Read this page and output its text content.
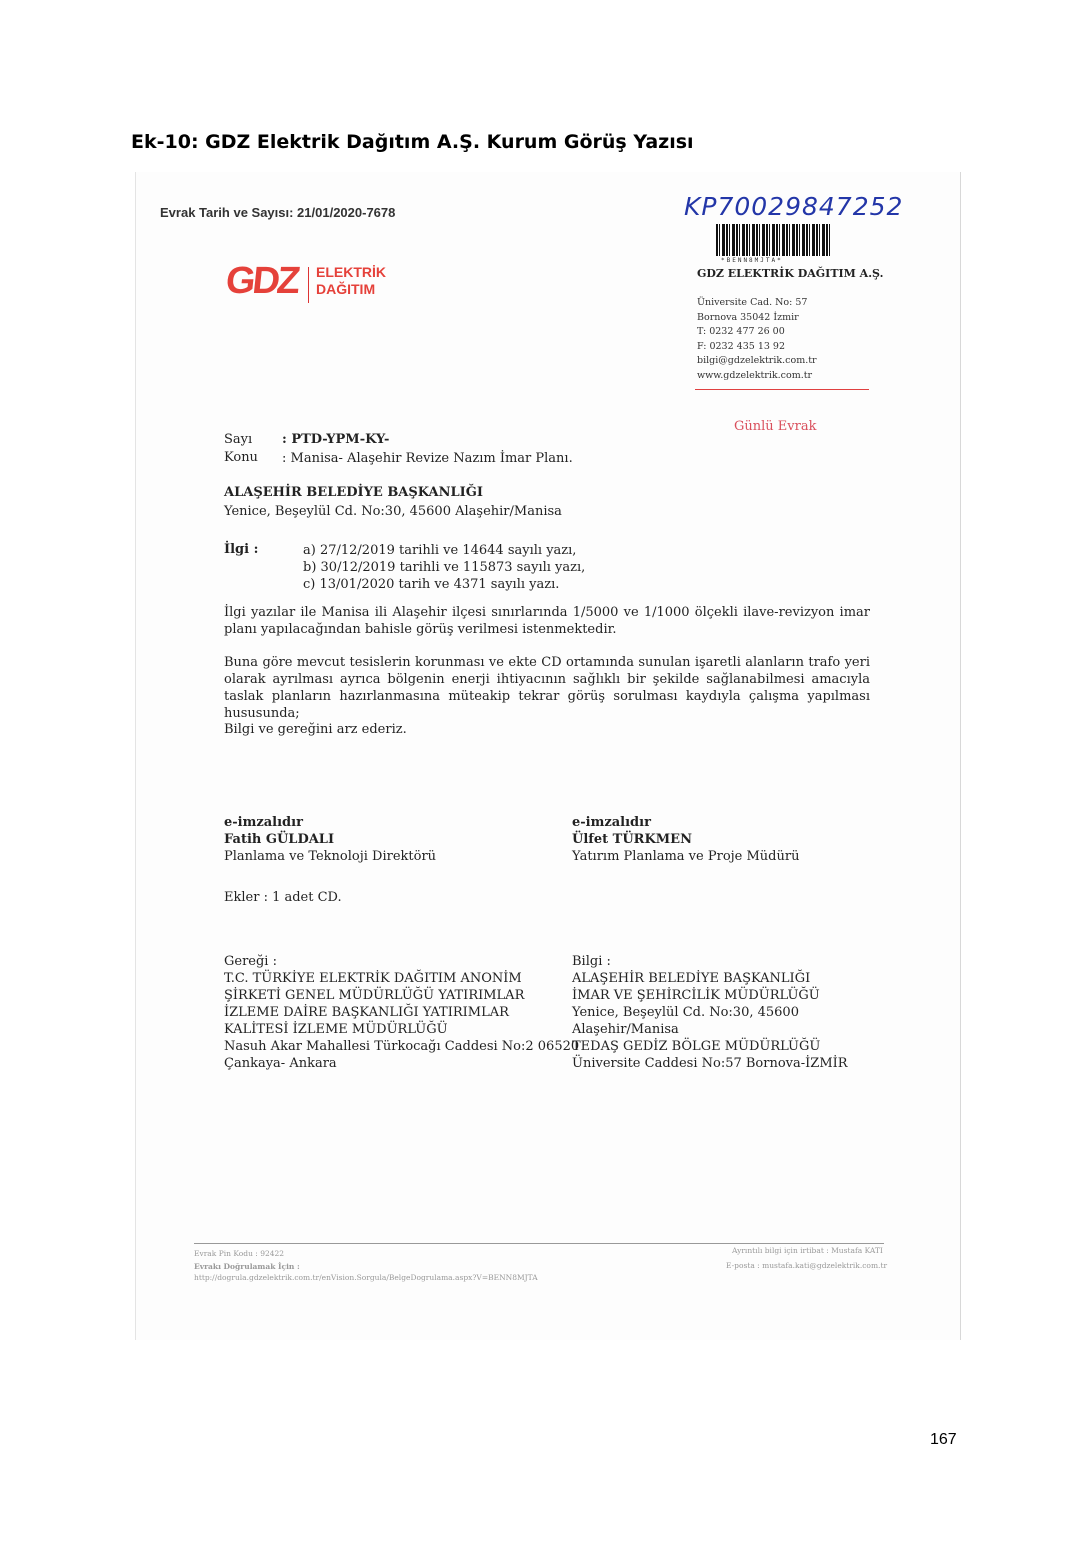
Ek-10: GDZ Elektrik Dağıtım A.Ş. Kurum Görüş Yazısı
Evrak Tarih ve Sayısı: 21/01/2020-7678	KP70029847252
*BENN8MJTA*
GDZ ELEKTRİK
DAĞITIM
GDZ ELEKTRİK DAĞITIM A.Ş.
Üniversite Cad. No: 57
Bornova 35042 İzmir
T: 0232 477 26 00
F: 0232 435 13 92
bilgi@gdzelektrik.com.tr
www.gdzelektrik.com.tr
Günlü Evrak
Sayı : PTD-YPM-KY-
Konu : Manisa- Alaşehir Revize Nazım İmar Planı.
ALAŞEHİR BELEDİYE BAŞKANLIĞI
Yenice, Beşeylül Cd. No:30, 45600 Alaşehir/Manisa
İlgi :	a) 27/12/2019 tarihli ve 14644 sayılı yazı,
b) 30/12/2019 tarihli ve 115873 sayılı yazı,
c) 13/01/2020 tarih ve 4371 sayılı yazı.
İlgi yazılar ile Manisa ili Alaşehir ilçesi sınırlarında 1/5000 ve 1/1000 ölçekli ilave-revizyon imar planı yapılacağından bahisle görüş verilmesi istenmektedir.
Buna göre mevcut tesislerin korunması ve ekte CD ortamında sunulan işaretli alanların trafo yeri olarak ayrılması ayrıca bölgenin enerji ihtiyacının sağlıklı bir şekilde sağlanabilmesi amacıyla taslak planların hazırlanmasına müteakip tekrar görüş sorulması kaydıyla çalışma yapılması hususunda;
Bilgi ve gereğini arz ederiz.
e-imzalıdır
Fatih GÜLDALI
Planlama ve Teknoloji Direktörü
e-imzalıdır
Ülfet TÜRKMEN
Yatırım Planlama ve Proje Müdürü
Ekler : 1 adet CD.
Gereği :
T.C. TÜRKİYE ELEKTRİK DAĞITIM ANONİM
ŞİRKETİ GENEL MÜDÜRLÜĞÜ YATIRIMLAR
İZLEME DAİRE BAŞKANLIĞI YATIRIMLAR
KALİTESİ İZLEME MÜDÜRLÜĞÜ
Nasuh Akar Mahallesi Türkocağı Caddesi No:2 06520
Çankaya- Ankara
Bilgi :
ALAŞEHİR BELEDİYE BAŞKANLIĞI
İMAR VE ŞEHİRCİLİK MÜDÜRLÜĞÜ
Yenice, Beşeylül Cd. No:30, 45600
Alaşehir/Manisa
TEDAŞ GEDİZ BÖLGE MÜDÜRLÜĞÜ
Üniversite Caddesi No:57 Bornova-İZMİR
Evrak Pin Kodu : 92422
Evrakı Doğrulamak İçin :
http://dogrula.gdzelektrik.com.tr/enVision.Sorgula/BelgeDogrulama.aspx?V=BENN8MJTA
Ayrıntılı bilgi için irtibat : Mustafa KATI
E-posta : mustafa.kati@gdzelektrik.com.tr
167
